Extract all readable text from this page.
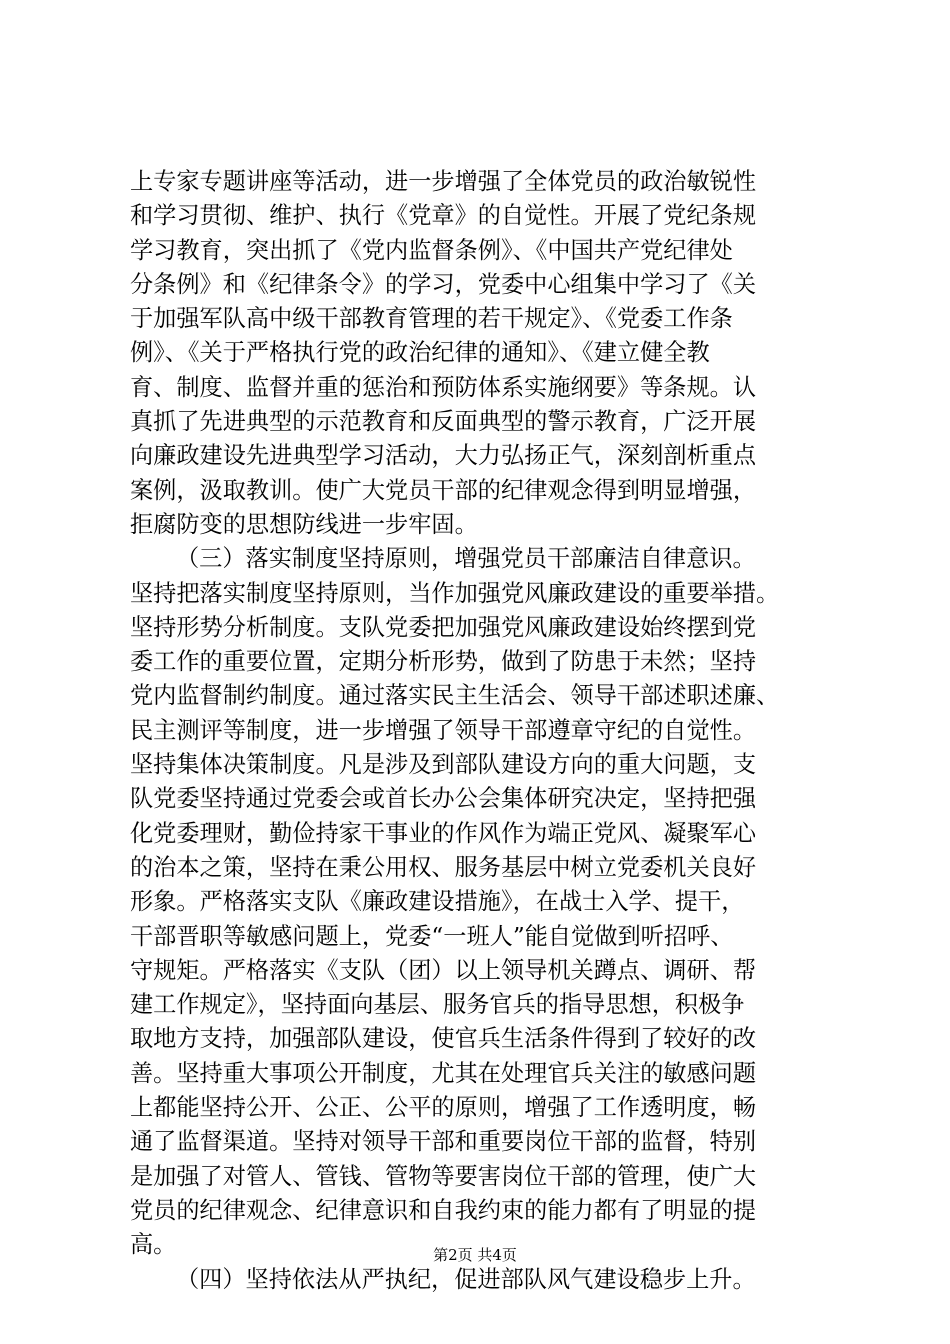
上专家专题讲座等活动，进一步增强了全体党员的政治敏锐性
和学习贯彻、维护、执行《党章》的自觉性。开展了党纪条规
学习教育，突出抓了《党内监督条例》、《中国共产党纪律处
分条例》和《纪律条令》的学习，党委中心组集中学习了《关
于加强军队高中级干部教育管理的若干规定》、《党委工作条
例》、《关于严格执行党的政治纪律的通知》、《建立健全教
育、制度、监督并重的惩治和预防体系实施纲要》等条规。认
真抓了先进典型的示范教育和反面典型的警示教育，广泛开展
向廉政建设先进典型学习活动，大力弘扬正气，深刻剖析重点
案例，汲取教训。使广大党员干部的纪律观念得到明显增强，
拒腐防变的思想防线进一步牢固。
（三）落实制度坚持原则，增强党员干部廉洁自律意识。
坚持把落实制度坚持原则，当作加强党风廉政建设的重要举措。
坚持形势分析制度。支队党委把加强党风廉政建设始终摆到党
委工作的重要位置，定期分析形势，做到了防患于未然；坚持
党内监督制约制度。通过落实民主生活会、领导干部述职述廉、
民主测评等制度，进一步增强了领导干部遵章守纪的自觉性。
坚持集体决策制度。凡是涉及到部队建设方向的重大问题，支
队党委坚持通过党委会或首长办公会集体研究决定，坚持把强
化党委理财，勤俭持家干事业的作风作为端正党风、凝聚军心
的治本之策，坚持在秉公用权、服务基层中树立党委机关良好
形象。严格落实支队《廉政建设措施》，在战士入学、提干，
干部晋职等敏感问题上，党委“一班人”能自觉做到听招呼、
守规矩。严格落实《支队（团）以上领导机关蹲点、调研、帮
建工作规定》，坚持面向基层、服务官兵的指导思想，积极争
取地方支持，加强部队建设，使官兵生活条件得到了较好的改
善。坚持重大事项公开制度，尤其在处理官兵关注的敏感问题
上都能坚持公开、公正、公平的原则，增强了工作透明度，畅
通了监督渠道。坚持对领导干部和重要岗位干部的监督，特别
是加强了对管人、管钱、管物等要害岗位干部的管理，使广大
党员的纪律观念、纪律意识和自我约束的能力都有了明显的提
高。
（四）坚持依法从严执纪，促进部队风气建设稳步上升。
第2页 共4页
